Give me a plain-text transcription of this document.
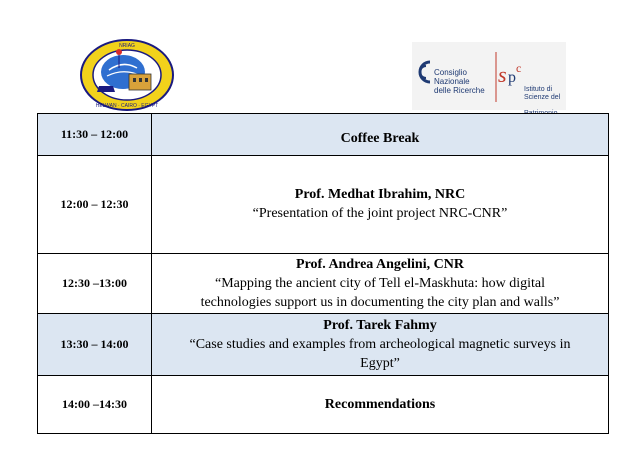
NRIAG
HELWAN · CAIRO · EGYPT
s p
c
Consiglio Nazionale
delle Ricerche	Istituto di Scienze del

11:30 – 12:00	Coffee Break

12:00 – 12:30	Prof. Medhat Ibrahim, NRC
“Presentation of the joint project NRC-CNR”

12:30 –13:00	Prof. Andrea Angelini, CNR
“Mapping the ancient city of Tell el-Maskhuta: how digital
technologies support us in documenting the city plan and walls”

13:30 – 14:00	Prof. Tarek Fahmy
“Case studies and examples from archeological magnetic surveys in
Egypt”

14:00 –14:30	Recommendations
